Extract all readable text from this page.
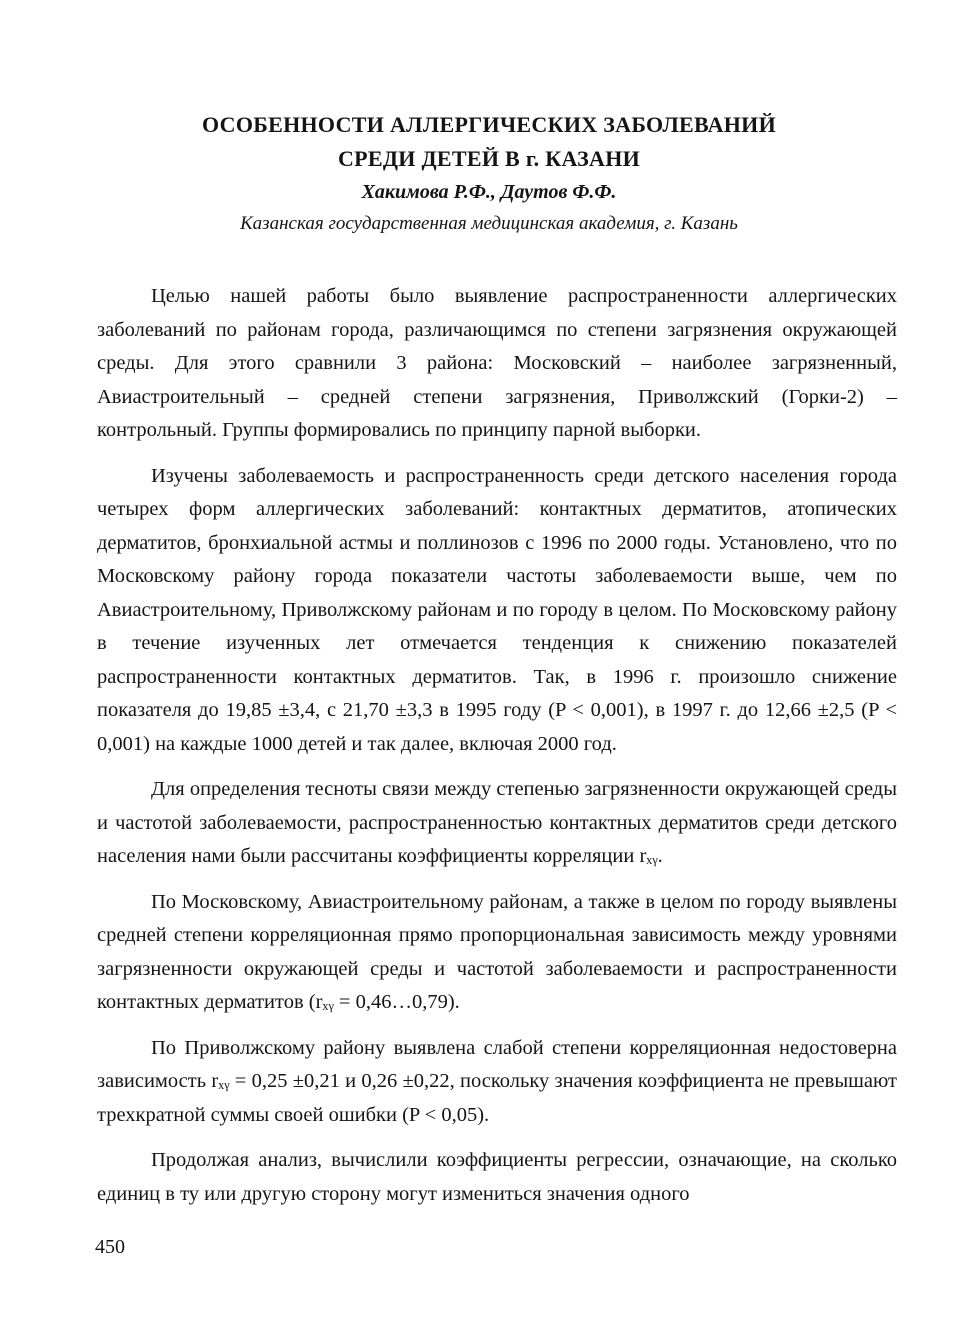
ОСОБЕННОСТИ АЛЛЕРГИЧЕСКИХ ЗАБОЛЕВАНИЙ
СРЕДИ ДЕТЕЙ В г. КАЗАНИ

Хакимова Р.Ф., Даутов Ф.Ф.

Казанская государственная медицинская академия, г. Казань

Целью нашей работы было выявление распространенности аллергических заболеваний по районам города, различающимся по степени загрязнения окружающей среды. Для этого сравнили 3 района: Московский – наиболее загрязненный, Авиастроительный – средней степени загрязнения, Приволжский (Горки-2) – контрольный. Группы формировались по принципу парной выборки.

Изучены заболеваемость и распространенность среди детского населения города четырех форм аллергических заболеваний: контактных дерматитов, атопических дерматитов, бронхиальной астмы и поллинозов с 1996 по 2000 годы. Установлено, что по Московскому району города показатели частоты заболеваемости выше, чем по Авиастроительному, Приволжскому районам и по городу в целом. По Московскому району в течение изученных лет отмечается тенденция к снижению показателей распространенности контактных дерматитов. Так, в 1996 г. произошло снижение показателя до 19,85 ±3,4, с 21,70 ±3,3 в 1995 году (P < 0,001), в 1997 г. до 12,66 ±2,5 (P < 0,001) на каждые 1000 детей и так далее, включая 2000 год.

Для определения тесноты связи между степенью загрязненности окружающей среды и частотой заболеваемости, распространенностью контактных дерматитов среди детского населения нами были рассчитаны коэффициенты корреляции rₓᵧ.

По Московскому, Авиастроительному районам, а также в целом по городу выявлены средней степени корреляционная прямо пропорциональная зависимость между уровнями загрязненности окружающей среды и частотой заболеваемости и распространенности контактных дерматитов (rₓᵧ = 0,46…0,79).

По Приволжскому району выявлена слабой степени корреляционная недостоверна зависимость rₓᵧ = 0,25 ±0,21 и 0,26 ±0,22, поскольку значения коэффициента не превышают трехкратной суммы своей ошибки (P < 0,05).

Продолжая анализ, вычислили коэффициенты регрессии, означающие, на сколько единиц в ту или другую сторону могут измениться значения одного

450
